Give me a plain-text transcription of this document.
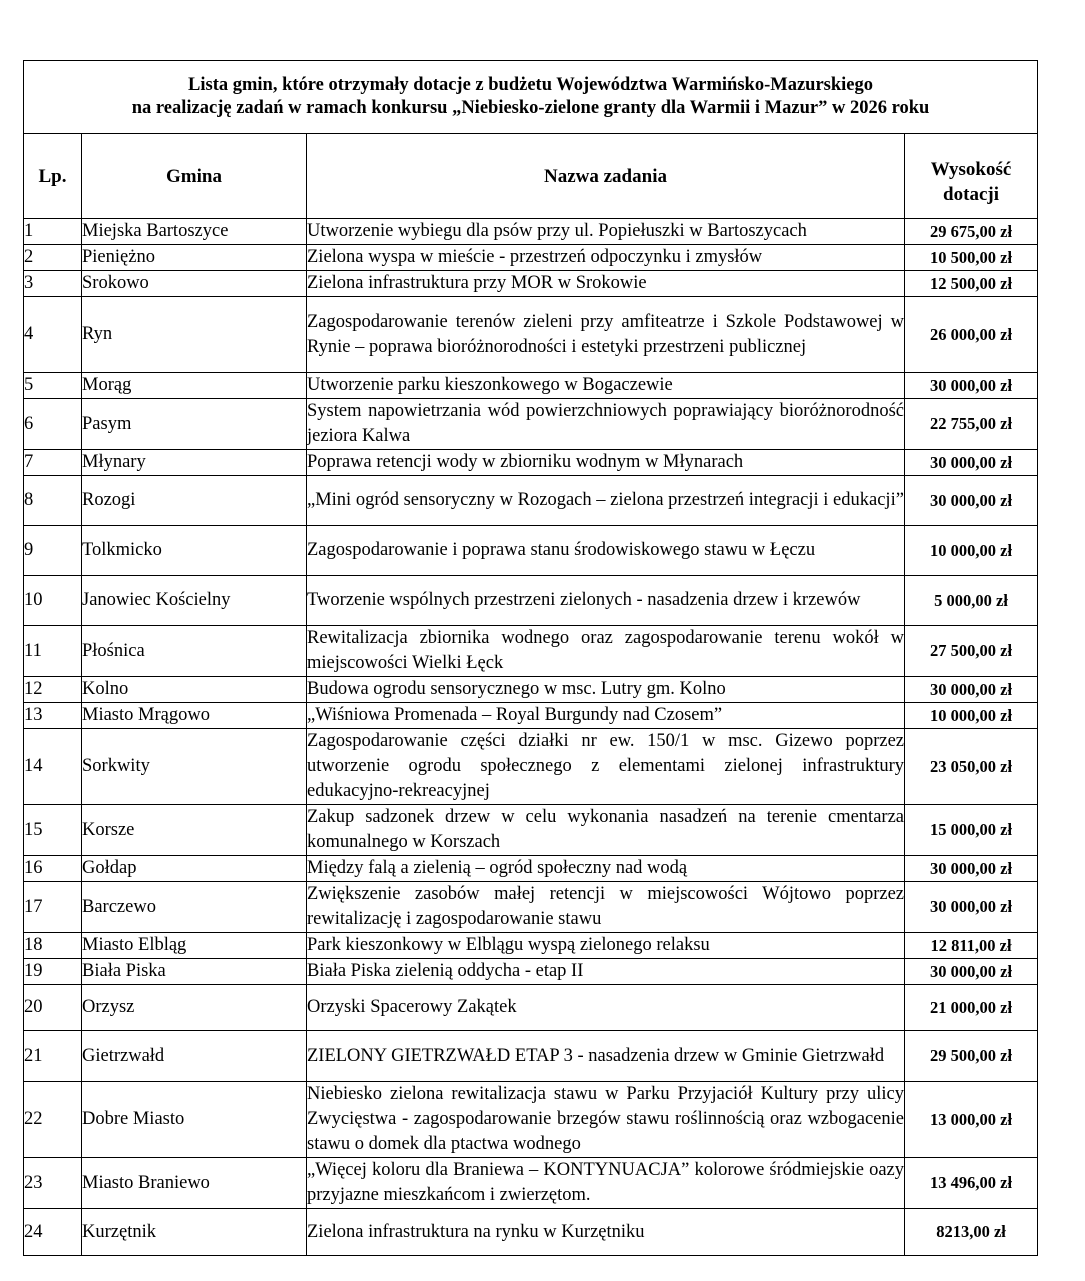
Lista gmin, które otrzymały dotacje z budżetu Województwa Warmińsko-Mazurskiego
na realizację zadań w ramach konkursu „Niebiesko-zielone granty dla Warmii i Mazur” w 2026 roku			

Lp.	Gmina	Nazwa zadania	Wysokość
dotacji

1	Miejska Bartoszyce	Utworzenie wybiegu dla psów przy ul. Popiełuszki w Bartoszycach	29 675,00 zł
2	Pieniężno	Zielona wyspa w mieście - przestrzeń odpoczynku i zmysłów	10 500,00 zł
3	Srokowo	Zielona infrastruktura przy MOR w Srokowie	12 500,00 zł
4	Ryn	Zagospodarowanie terenów zieleni przy amfiteatrze i Szkole Podstawowej w Rynie – poprawa bioróżnorodności i estetyki przestrzeni publicznej	26 000,00 zł
5	Morąg	Utworzenie parku kieszonkowego w Bogaczewie	30 000,00 zł
6	Pasym	System napowietrzania wód powierzchniowych poprawiający bioróżnorodność jeziora Kalwa	22 755,00 zł
7	Młynary	Poprawa retencji wody w zbiorniku wodnym w Młynarach	30 000,00 zł
8	Rozogi	„Mini ogród sensoryczny w Rozogach – zielona przestrzeń integracji i edukacji”	30 000,00 zł
9	Tolkmicko	Zagospodarowanie i poprawa stanu środowiskowego stawu w Łęczu	10 000,00 zł
10	Janowiec Kościelny	Tworzenie wspólnych przestrzeni zielonych - nasadzenia drzew i krzewów	5 000,00 zł
11	Płośnica	Rewitalizacja zbiornika wodnego oraz zagospodarowanie terenu wokół w miejscowości Wielki Łęck	27 500,00 zł
12	Kolno	Budowa ogrodu sensorycznego w msc. Lutry gm. Kolno	30 000,00 zł
13	Miasto Mrągowo	„Wiśniowa Promenada – Royal Burgundy nad Czosem”	10 000,00 zł
14	Sorkwity	Zagospodarowanie części działki nr ew. 150/1 w msc. Gizewo poprzez utworzenie ogrodu społecznego z elementami zielonej infrastruktury edukacyjno-rekreacyjnej	23 050,00 zł
15	Korsze	Zakup sadzonek drzew w celu wykonania nasadzeń na terenie cmentarza komunalnego w Korszach	15 000,00 zł
16	Gołdap	Między falą a zielenią – ogród społeczny nad wodą	30 000,00 zł
17	Barczewo	Zwiększenie zasobów małej retencji w miejscowości Wójtowo poprzez rewitalizację i zagospodarowanie stawu	30 000,00 zł
18	Miasto Elbląg	Park kieszonkowy w Elblągu wyspą zielonego relaksu	12 811,00 zł
19	Biała Piska	Biała Piska zielenią oddycha - etap II	30 000,00 zł
20	Orzysz	Orzyski Spacerowy Zakątek	21 000,00 zł
21	Gietrzwałd	ZIELONY GIETRZWAŁD ETAP 3 - nasadzenia drzew w Gminie Gietrzwałd	29 500,00 zł
22	Dobre Miasto	Niebiesko zielona rewitalizacja stawu w Parku Przyjaciół Kultury przy ulicy Zwycięstwa - zagospodarowanie brzegów stawu roślinnością oraz wzbogacenie stawu o domek dla ptactwa wodnego	13 000,00 zł
23	Miasto Braniewo	„Więcej koloru dla Braniewa – KONTYNUACJA” kolorowe śródmiejskie oazy przyjazne mieszkańcom i zwierzętom.	13 496,00 zł
24	Kurzętnik	Zielona infrastruktura na rynku w Kurzętniku	8213,00 zł
